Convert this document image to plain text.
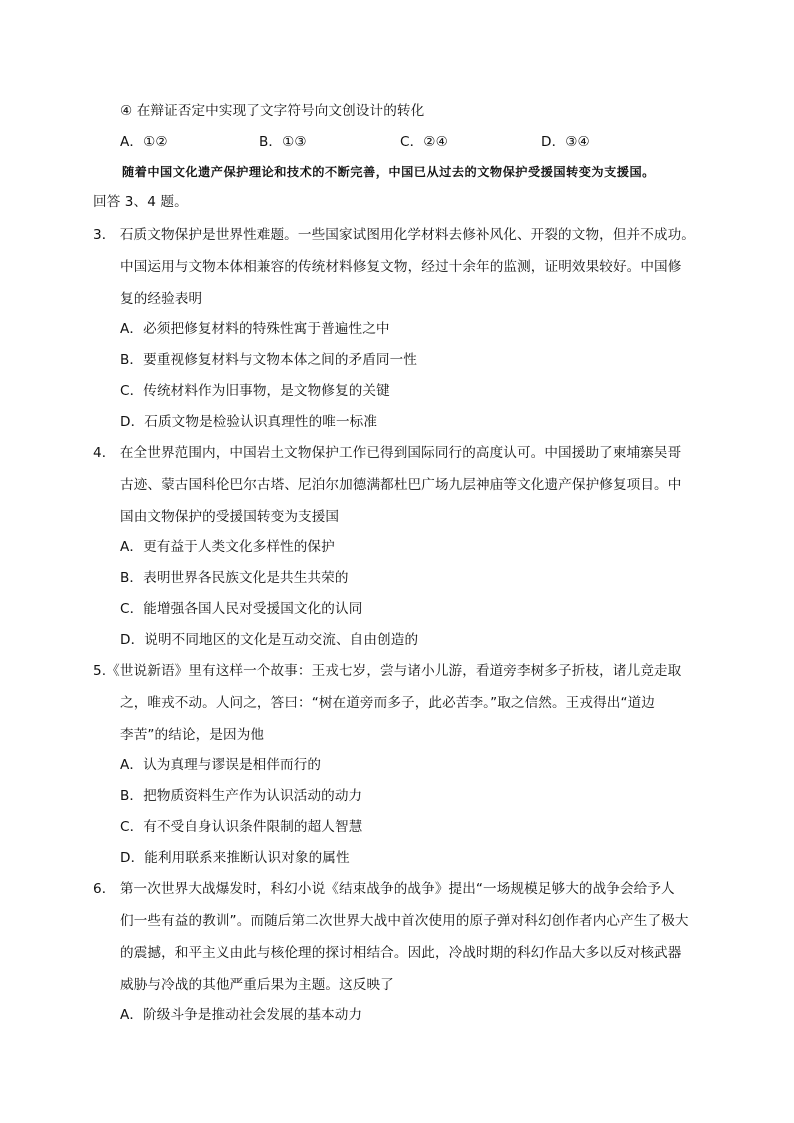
④ 在辩证否定中实现了文字符号向文创设计的转化
A．①②	B．①③	C．②④	D．③④
随着中国文化遗产保护理论和技术的不断完善，中国已从过去的文物保护受援国转变为支援国。
回答 3、4 题。
3． 石质文物保护是世界性难题。一些国家试图用化学材料去修补风化、开裂的文物，但并不成功。
中国运用与文物本体相兼容的传统材料修复文物，经过十余年的监测，证明效果较好。中国修
复的经验表明
A．必须把修复材料的特殊性寓于普遍性之中
B．要重视修复材料与文物本体之间的矛盾同一性
C．传统材料作为旧事物，是文物修复的关键
D．石质文物是检验认识真理性的唯一标准
4． 在全世界范围内，中国岩土文物保护工作已得到国际同行的高度认可。中国援助了柬埔寨吴哥
古迹、蒙古国科伦巴尔古塔、尼泊尔加德满都杜巴广场九层神庙等文化遗产保护修复项目。中
国由文物保护的受援国转变为支援国
A．更有益于人类文化多样性的保护
B．表明世界各民族文化是共生共荣的
C．能增强各国人民对受援国文化的认同
D．说明不同地区的文化是互动交流、自由创造的
5.《世说新语》里有这样一个故事：王戎七岁，尝与诸小儿游，看道旁李树多子折枝，诸儿竞走取
之，唯戎不动。人问之，答曰：“树在道旁而多子，此必苦李。”取之信然。王戎得出“道边
李苦”的结论，是因为他
A．认为真理与谬误是相伴而行的
B．把物质资料生产作为认识活动的动力
C．有不受自身认识条件限制的超人智慧
D．能利用联系来推断认识对象的属性
6． 第一次世界大战爆发时，科幻小说《结束战争的战争》提出“一场规模足够大的战争会给予人
们一些有益的教训”。而随后第二次世界大战中首次使用的原子弹对科幻创作者内心产生了极大
的震撼，和平主义由此与核伦理的探讨相结合。因此，冷战时期的科幻作品大多以反对核武器
威胁与冷战的其他严重后果为主题。这反映了
A．阶级斗争是推动社会发展的基本动力
